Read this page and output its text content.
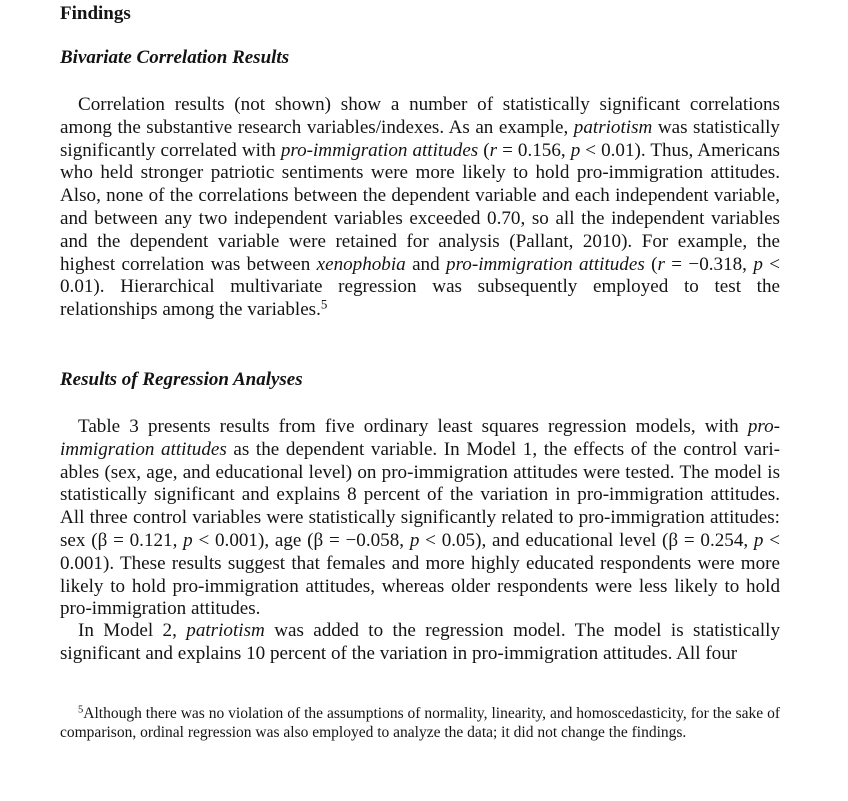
Findings
Bivariate Correlation Results
Correlation results (not shown) show a number of statistically significant correlations among the substantive research variables/indexes. As an example, patriotism was statistically significantly correlated with pro-immigration attitudes (r = 0.156, p < 0.01). Thus, Americans who held stronger patriotic sentiments were more likely to hold pro-immigration attitudes. Also, none of the correlations between the dependent variable and each independent variable, and between any two independent variables exceeded 0.70, so all the independent variables and the dependent variable were retained for analysis (Pallant, 2010). For example, the highest correlation was between xenophobia and pro-immigration attitudes (r = −0.318, p < 0.01). Hierarchical multivariate regression was subsequently employed to test the relationships among the variables.$^5$
Results of Regression Analyses
Table 3 presents results from five ordinary least squares regression models, with pro-immigration attitudes as the dependent variable. In Model 1, the effects of the control variables (sex, age, and educational level) on pro-immigration attitudes were tested. The model is statistically significant and explains 8 percent of the variation in pro-immigration attitudes. All three control variables were statistically significantly related to pro-immigration attitudes: sex (β = 0.121, p < 0.001), age (β = −0.058, p < 0.05), and educational level (β = 0.254, p < 0.001). These results suggest that females and more highly educated respondents were more likely to hold pro-immigration attitudes, whereas older respondents were less likely to hold pro-immigration attitudes.
In Model 2, patriotism was added to the regression model. The model is statistically significant and explains 10 percent of the variation in pro-immigration attitudes. All four
$^5$Although there was no violation of the assumptions of normality, linearity, and homoscedasticity, for the sake of comparison, ordinal regression was also employed to analyze the data; it did not change the findings.
